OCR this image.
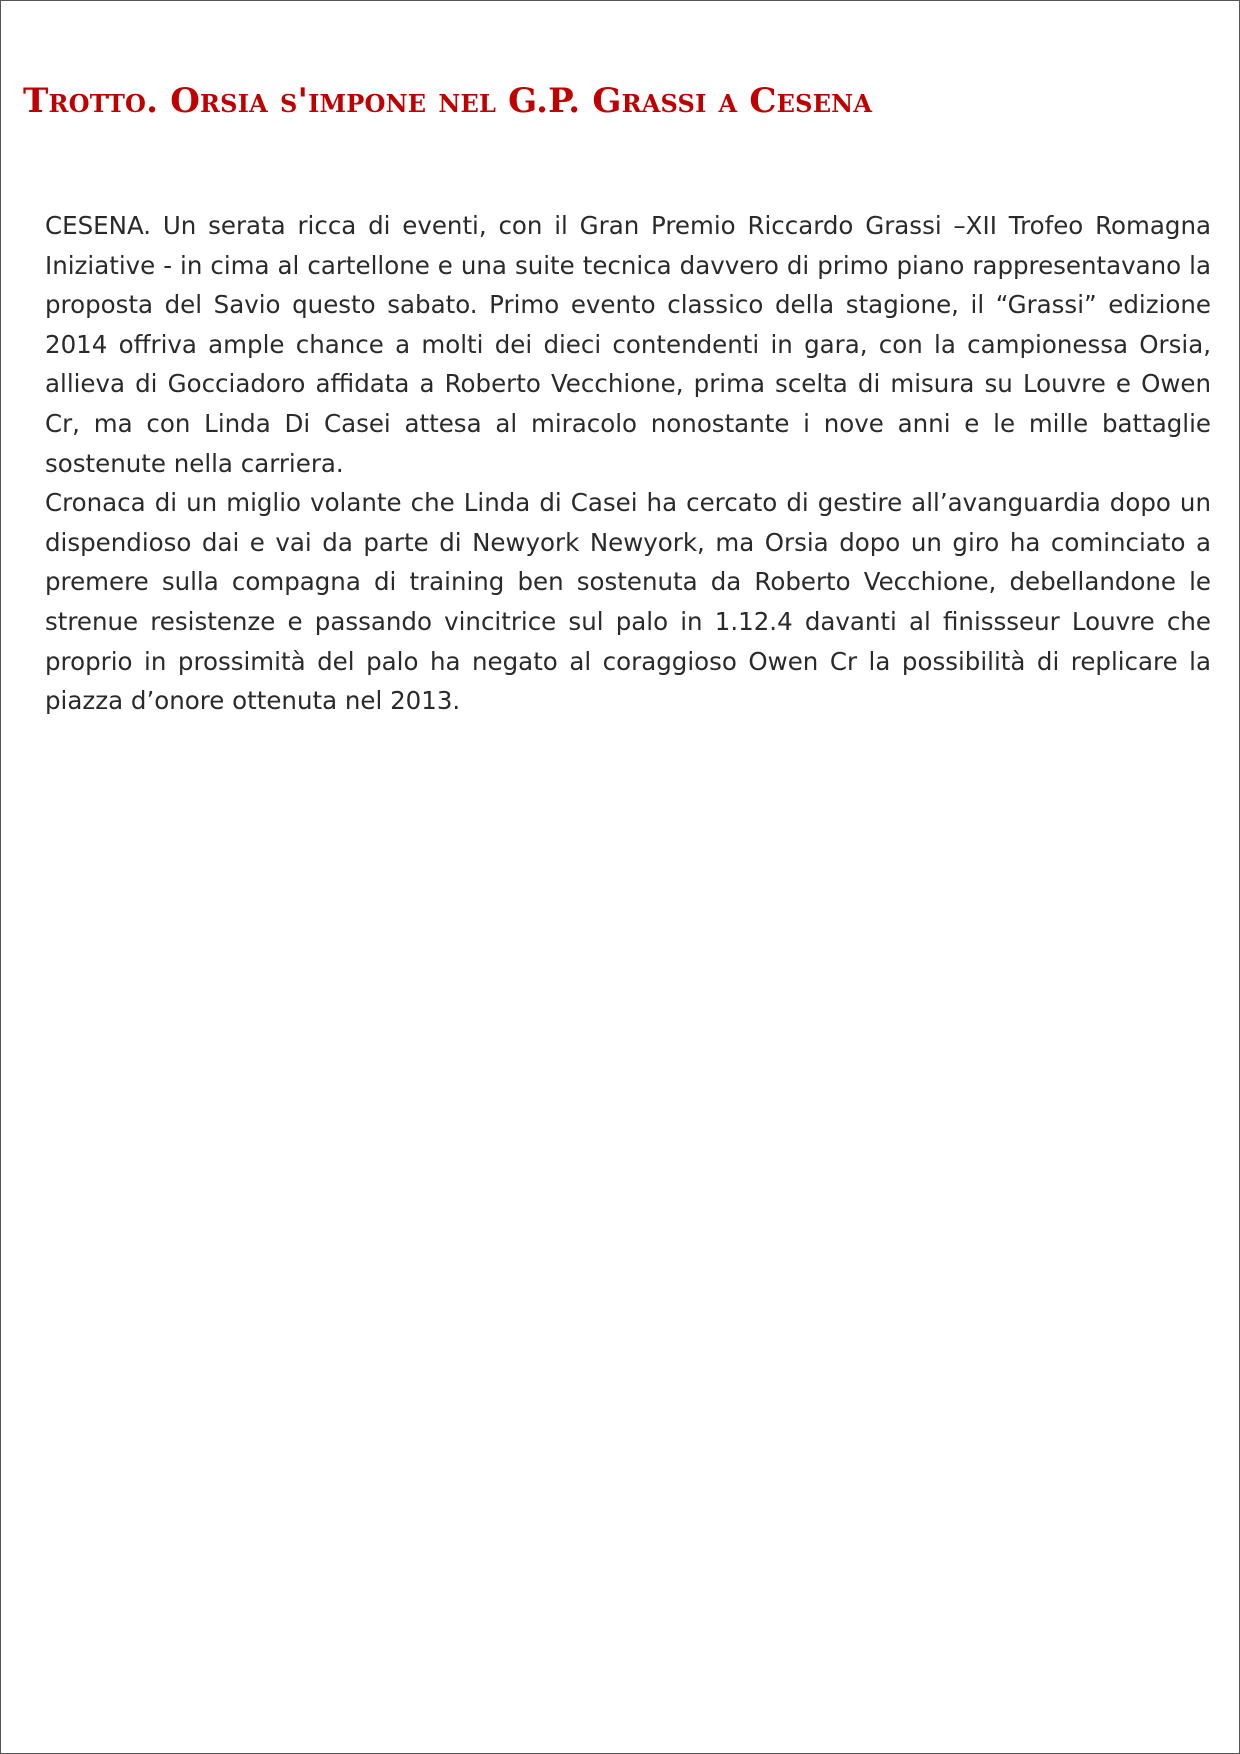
Trotto. Orsia s'impone nel G.P. Grassi a Cesena

CESENA. Un serata ricca di eventi, con il Gran Premio Riccardo Grassi –XII Trofeo Romagna Iniziative - in cima al cartellone e una suite tecnica davvero di primo piano rappresentavano la proposta del Savio questo sabato. Primo evento classico della stagione, il “Grassi” edizione 2014 offriva ample chance a molti dei dieci contendenti in gara, con la campionessa Orsia, allieva di Gocciadoro affidata a Roberto Vecchione, prima scelta di misura su Louvre e Owen Cr, ma con Linda Di Casei attesa al miracolo nonostante i nove anni e le mille battaglie sostenute nella carriera.

Cronaca di un miglio volante che Linda di Casei ha cercato di gestire all’avanguardia dopo un dispendioso dai e vai da parte di Newyork Newyork, ma Orsia dopo un giro ha cominciato a premere sulla compagna di training ben sostenuta da Roberto Vecchione, debellandone le strenue resistenze e passando vincitrice sul palo in 1.12.4 davanti al finissseur Louvre che proprio in prossimità del palo ha negato al coraggioso Owen Cr la possibilità di replicare la piazza d’onore ottenuta nel 2013.
